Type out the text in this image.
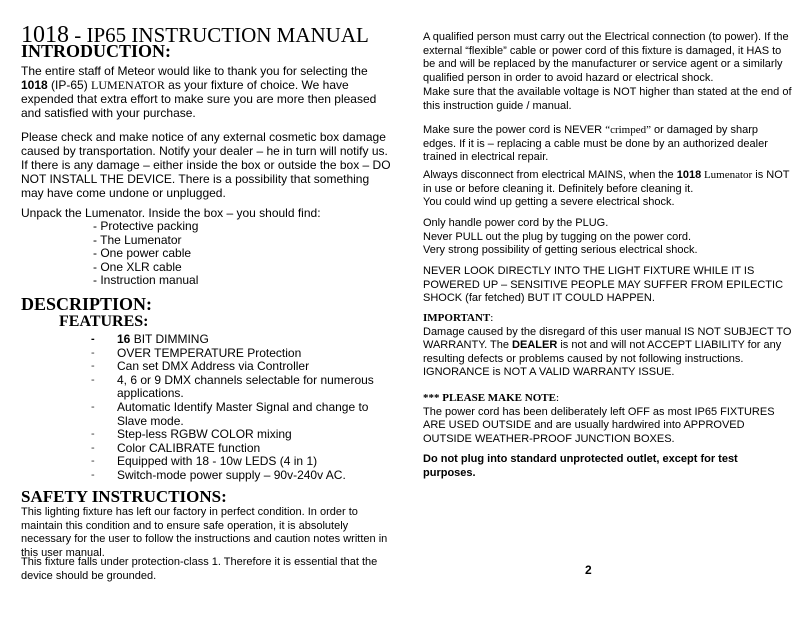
1018 - IP65 INSTRUCTION MANUAL
INTRODUCTION:

The entire staff of Meteor would like to thank you for selecting the 1018 (IP-65) LUMENATOR as your fixture of choice. We have expended that extra effort to make sure you are more then pleased and satisfied with your purchase.

Please check and make notice of any external cosmetic box damage caused by transportation. Notify your dealer – he in turn will notify us. If there is any damage – either inside the box or outside the box – DO NOT INSTALL THE DEVICE. There is a possibility that something may have come undone or unplugged.

Unpack the Lumenator. Inside the box – you should find:

- Protective packing
- The Lumenator
- One power cable
- One XLR cable
- Instruction manual
DESCRIPTION:
FEATURES:
- 16 BIT DIMMING
- OVER TEMPERATURE Protection
- Can set DMX Address via Controller
- 4, 6 or 9 DMX channels selectable for numerous applications.
- Automatic Identify Master Signal and change to Slave mode.
- Step-less RGBW COLOR mixing
- Color CALIBRATE function
- Equipped with 18 - 10w LEDS (4 in 1)
- Switch-mode power supply – 90v-240v AC.
SAFETY INSTRUCTIONS:

This lighting fixture has left our factory in perfect condition. In order to maintain this condition and to ensure safe operation, it is absolutely necessary for the user to follow the instructions and caution notes written in this user manual.

This fixture falls under protection-class 1. Therefore it is essential that the device should be grounded.

A qualified person must carry out the Electrical connection (to power). If the external “flexible” cable or power cord of this fixture is damaged, it HAS to be and will be replaced by the manufacturer or service agent or a similarly qualified person in order to avoid hazard or electrical shock.

Make sure that the available voltage is NOT higher than stated at the end of this instruction guide / manual.

Make sure the power cord is NEVER “crimped” or damaged by sharp edges. If it is – replacing a cable must be done by an authorized dealer trained in electrical repair.

Always disconnect from electrical MAINS, when the 1018 Lumenator is NOT in use or before cleaning it. Definitely before cleaning it.
You could wind up getting a severe electrical shock.

Only handle power cord by the PLUG.
Never PULL out the plug by tugging on the power cord.
Very strong possibility of getting serious electrical shock.

NEVER LOOK DIRECTLY INTO THE LIGHT FIXTURE WHILE IT IS POWERED UP – SENSITIVE PEOPLE MAY SUFFER FROM EPILECTIC SHOCK (far fetched) BUT IT COULD HAPPEN.

IMPORTANT:
Damage caused by the disregard of this user manual IS NOT SUBJECT TO WARRANTY. The DEALER is not and will not ACCEPT LIABILITY for any resulting defects or problems caused by not following instructions. IGNORANCE is NOT A VALID WARRANTY ISSUE.
*** PLEASE MAKE NOTE:
The power cord has been deliberately left OFF as most IP65 FIXTURES ARE USED OUTSIDE and are usually hardwired into APPROVED OUTSIDE WEATHER-PROOF JUNCTION BOXES.

Do not plug into standard unprotected outlet, except for test purposes.

2
